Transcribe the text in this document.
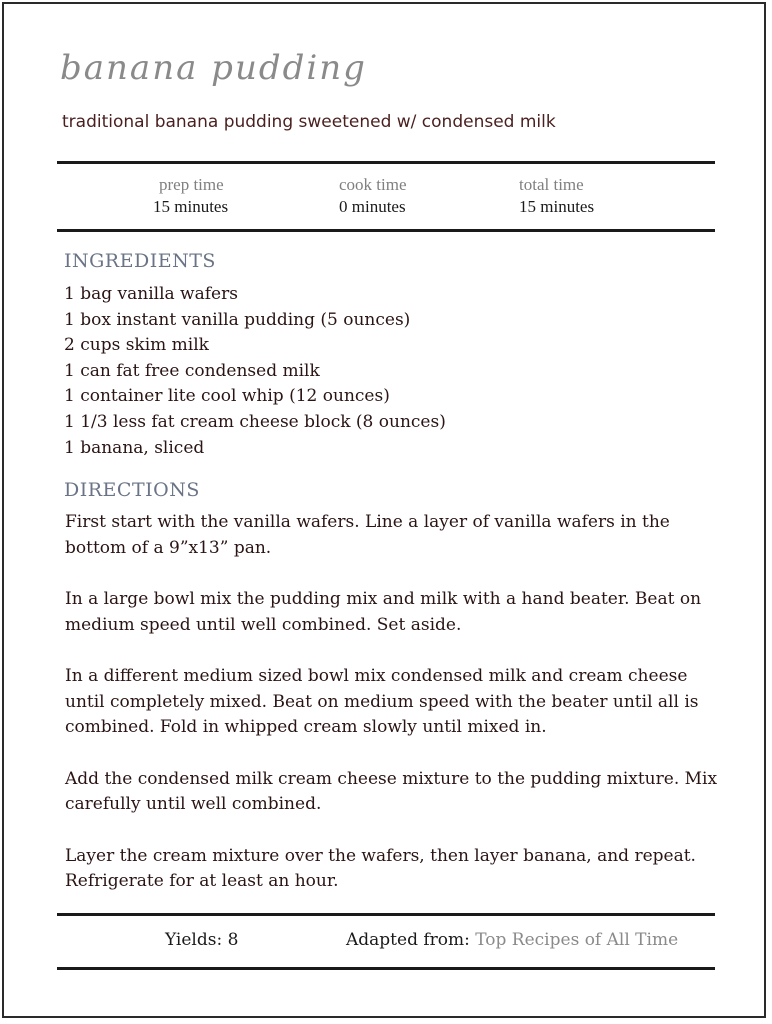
banana pudding
traditional banana pudding sweetened w/ condensed milk
prep time
15 minutes
cook time
0 minutes
total time
15 minutes
INGREDIENTS
1 bag vanilla wafers
1 box instant vanilla pudding (5 ounces)
2 cups skim milk
1 can fat free condensed milk
1 container lite cool whip (12 ounces)
1 1/3 less fat cream cheese block (8 ounces)
1 banana, sliced
DIRECTIONS

First start with the vanilla wafers. Line a layer of vanilla wafers in the bottom of a 9”x13” pan.

In a large bowl mix the pudding mix and milk with a hand beater. Beat on medium speed until well combined. Set aside.

In a different medium sized bowl mix condensed milk and cream cheese until completely mixed. Beat on medium speed with the beater until all is combined. Fold in whipped cream slowly until mixed in.

Add the condensed milk cream cheese mixture to the pudding mixture. Mix carefully until well combined.

Layer the cream mixture over the wafers, then layer banana, and repeat. Refrigerate for at least an hour.

Yields: 8	Adapted from: Top Recipes of All Time
